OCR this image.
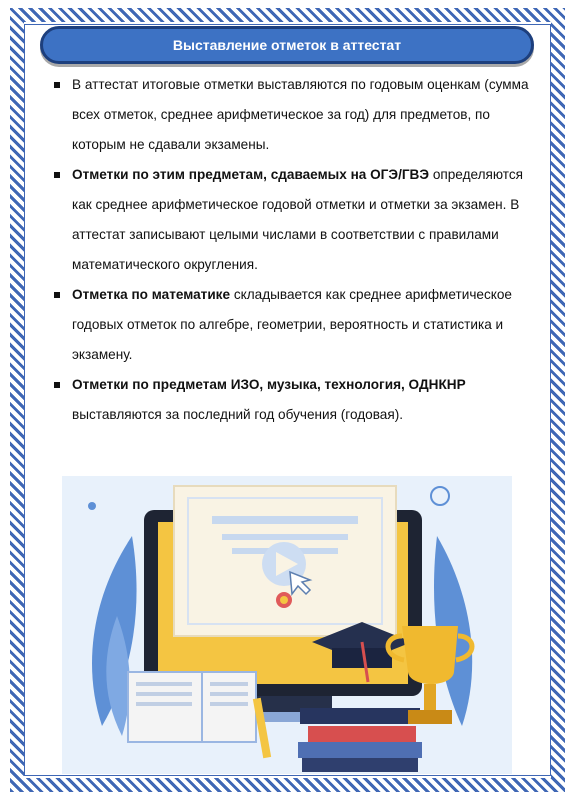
Выставление отметок в аттестат
В аттестат итоговые отметки выставляются по годовым оценкам (сумма всех отметок, среднее арифметическое за год) для предметов, по которым не сдавали экзамены.
Отметки по этим предметам, сдаваемых на ОГЭ/ГВЭ определяются как среднее арифметическое годовой отметки и отметки за экзамен. В аттестат записывают целыми числами в соответствии с правилами математического округления.
Отметка по математике складывается как среднее арифметическое годовых отметок по алгебре, геометрии, вероятность и статистика и экзамену.
Отметки по предметам ИЗО, музыка, технология, ОДНКНР выставляются за последний год обучения (годовая).
